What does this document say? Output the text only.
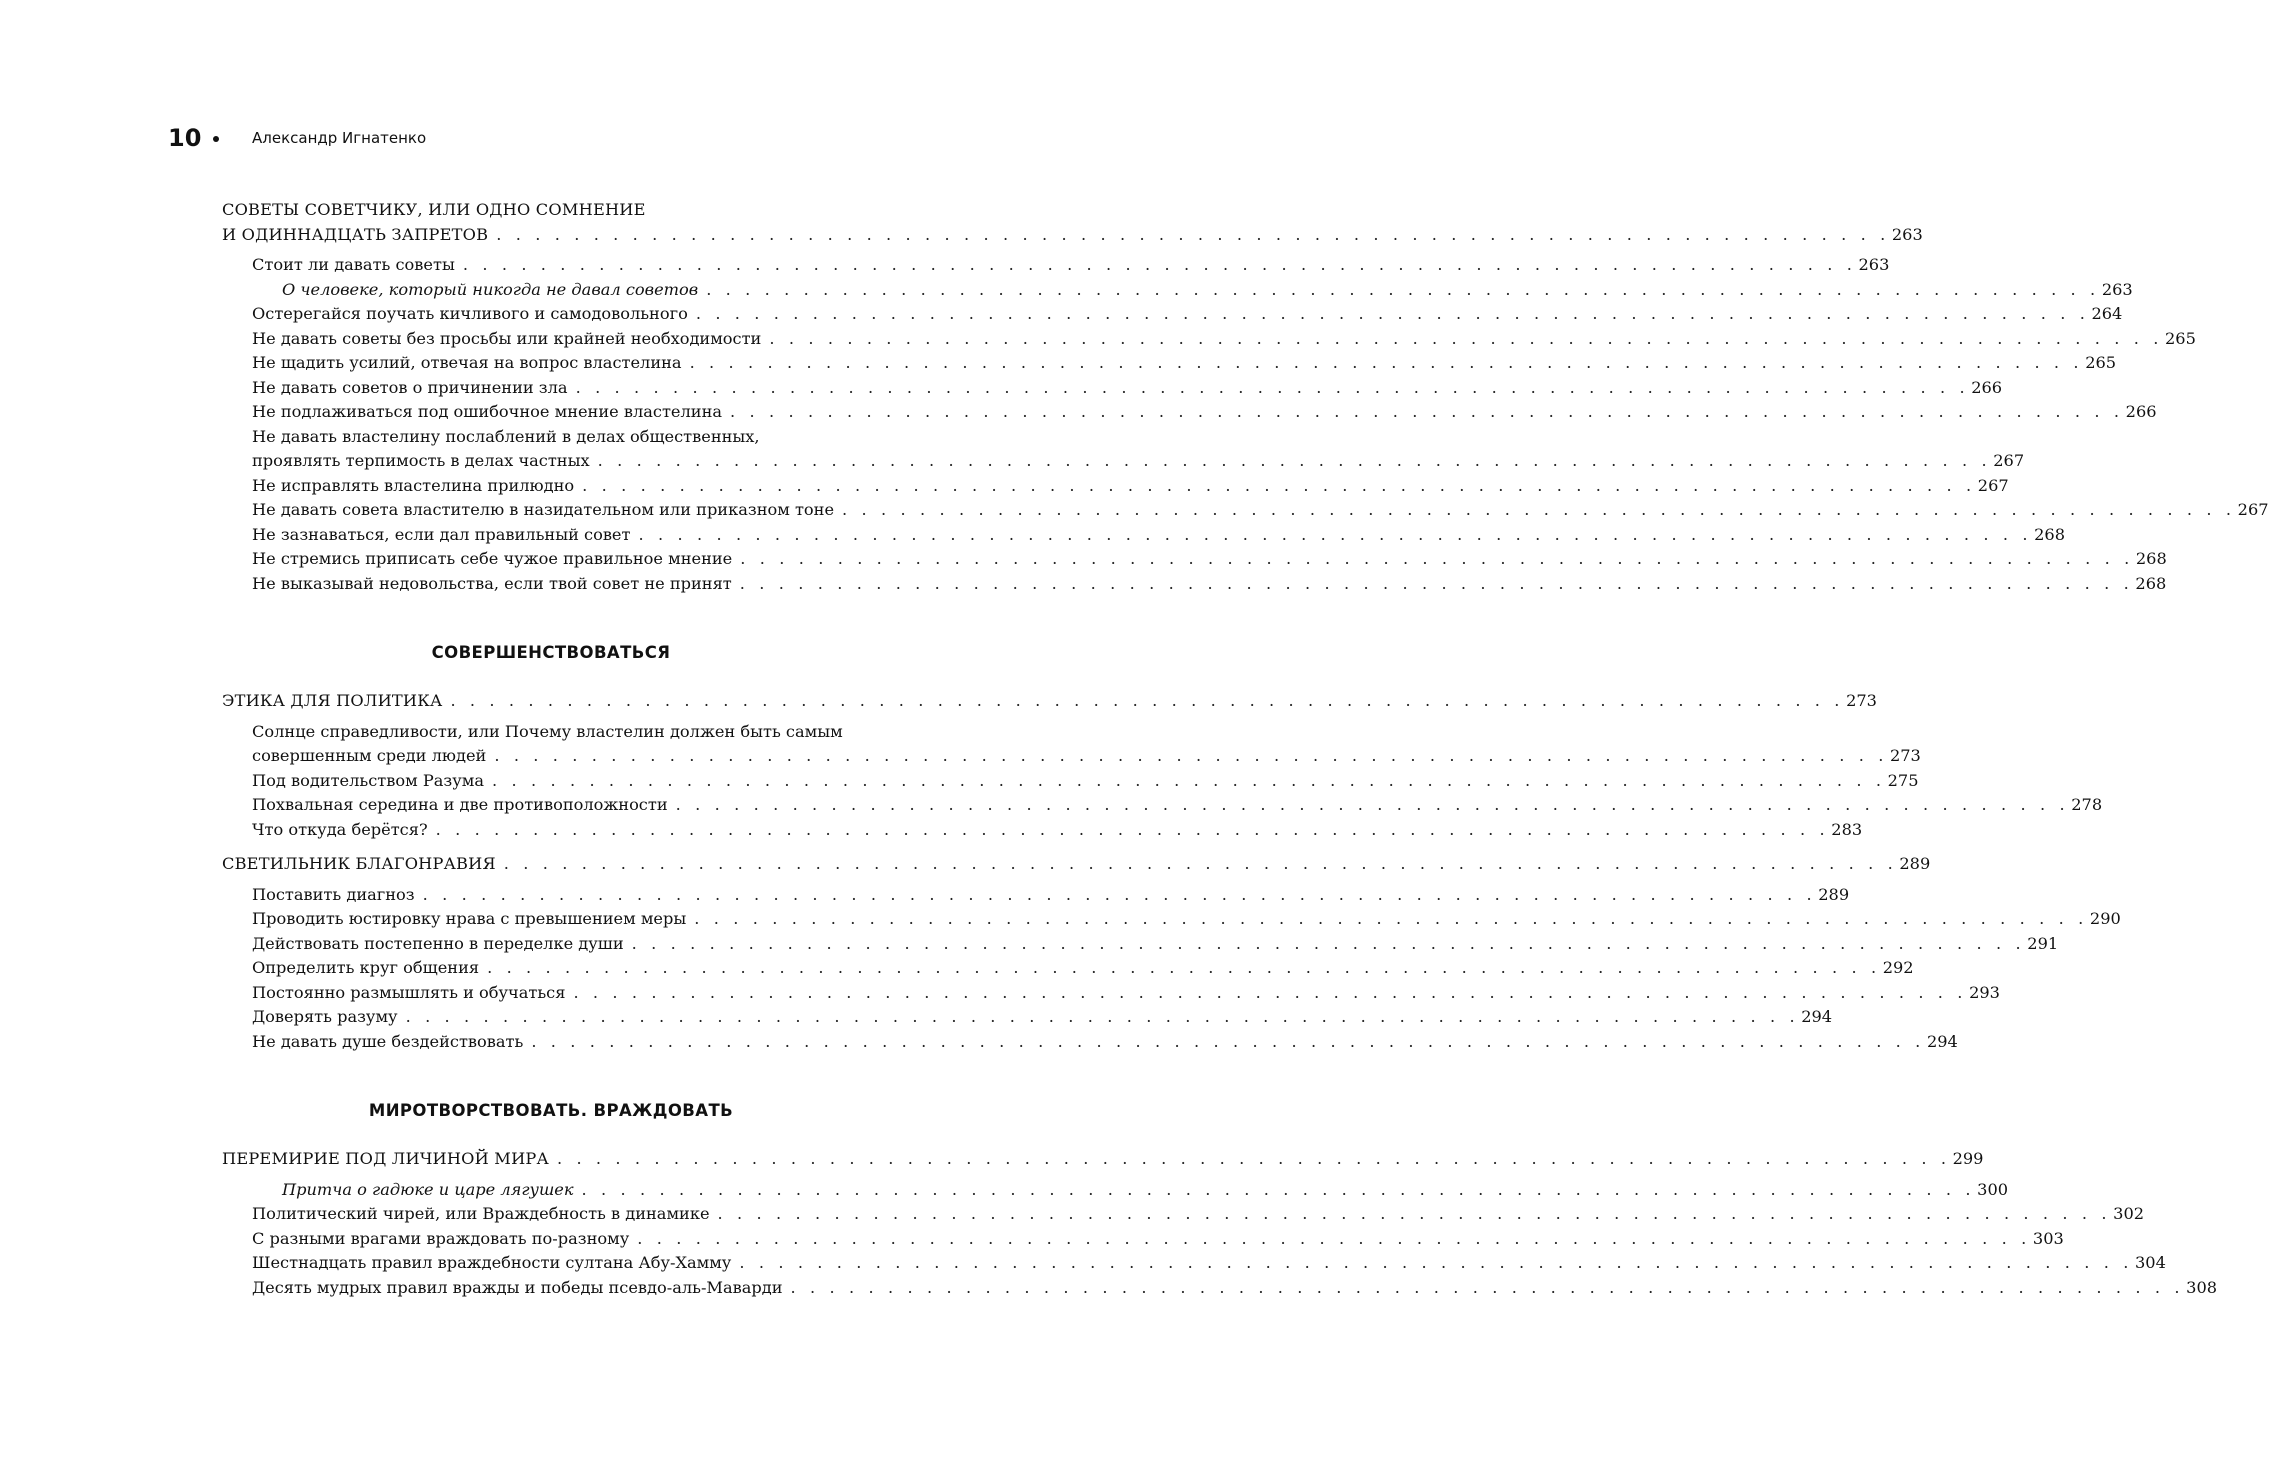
10	Александр Игнатенко
СОВЕТЫ СОВЕТЧИКУ, ИЛИ ОДНО СОМНЕНИЕ
И ОДИННАДЦАТЬ ЗАПРЕТОВ . . . . . . . . . . . . . . . . . . . . . . . . . . . . . . . . . . . . . . . . . . . . . . . . . . . . . . . . . . . . . . . . . . . . . . . . 263
Стоит ли давать советы . . . . . . . . . . . . . . . . . . . . . . . . . . . . . . . . . . . . . . . . . . . . . . . . . . . . . . . . . . . . . . . . . . . . . . . . 263
О человеке, который никогда не давал советов . . . . . . . . . . . . . . . . . . . . . . . . . . . . . . . . . . . . . . . . . . . . . . . . . . . . . . . . . . . . . . . . . . . . . . . . 263
Остерегайся поучать кичливого и самодовольного . . . . . . . . . . . . . . . . . . . . . . . . . . . . . . . . . . . . . . . . . . . . . . . . . . . . . . . . . . . . . . . . . . . . . . . . 264
Не давать советы без просьбы или крайней необходимости . . . . . . . . . . . . . . . . . . . . . . . . . . . . . . . . . . . . . . . . . . . . . . . . . . . . . . . . . . . . . . . . . . . . . . . . 265
Не щадить усилий, отвечая на вопрос властелина . . . . . . . . . . . . . . . . . . . . . . . . . . . . . . . . . . . . . . . . . . . . . . . . . . . . . . . . . . . . . . . . . . . . . . . . 265
Не давать советов о причинении зла . . . . . . . . . . . . . . . . . . . . . . . . . . . . . . . . . . . . . . . . . . . . . . . . . . . . . . . . . . . . . . . . . . . . . . . . 266
Не подлаживаться под ошибочное мнение властелина . . . . . . . . . . . . . . . . . . . . . . . . . . . . . . . . . . . . . . . . . . . . . . . . . . . . . . . . . . . . . . . . . . . . . . . . 266
Не давать властелину послаблений в делах общественных,
проявлять терпимость в делах частных . . . . . . . . . . . . . . . . . . . . . . . . . . . . . . . . . . . . . . . . . . . . . . . . . . . . . . . . . . . . . . . . . . . . . . . . 267
Не исправлять властелина прилюдно . . . . . . . . . . . . . . . . . . . . . . . . . . . . . . . . . . . . . . . . . . . . . . . . . . . . . . . . . . . . . . . . . . . . . . . . 267
Не давать совета властителю в назидательном или приказном тоне . . . . . . . . . . . . . . . . . . . . . . . . . . . . . . . . . . . . . . . . . . . . . . . . . . . . . . . . . . . . . . . . . . . . . . . . 267
Не зазнаваться, если дал правильный совет . . . . . . . . . . . . . . . . . . . . . . . . . . . . . . . . . . . . . . . . . . . . . . . . . . . . . . . . . . . . . . . . . . . . . . . . 268
Не стремись приписать себе чужое правильное мнение . . . . . . . . . . . . . . . . . . . . . . . . . . . . . . . . . . . . . . . . . . . . . . . . . . . . . . . . . . . . . . . . . . . . . . . . 268
Не выказывай недовольства, если твой совет не принят . . . . . . . . . . . . . . . . . . . . . . . . . . . . . . . . . . . . . . . . . . . . . . . . . . . . . . . . . . . . . . . . . . . . . . . . 268
СОВЕРШЕНСТВОВАТЬСЯ
ЭТИКА ДЛЯ ПОЛИТИКА . . . . . . . . . . . . . . . . . . . . . . . . . . . . . . . . . . . . . . . . . . . . . . . . . . . . . . . . . . . . . . . . . . . . . . . . 273
Солнце справедливости, или Почему властелин должен быть самым
совершенным среди людей . . . . . . . . . . . . . . . . . . . . . . . . . . . . . . . . . . . . . . . . . . . . . . . . . . . . . . . . . . . . . . . . . . . . . . . . 273
Под водительством Разума . . . . . . . . . . . . . . . . . . . . . . . . . . . . . . . . . . . . . . . . . . . . . . . . . . . . . . . . . . . . . . . . . . . . . . . . 275
Похвальная середина и две противоположности . . . . . . . . . . . . . . . . . . . . . . . . . . . . . . . . . . . . . . . . . . . . . . . . . . . . . . . . . . . . . . . . . . . . . . . . 278
Что откуда берётся? . . . . . . . . . . . . . . . . . . . . . . . . . . . . . . . . . . . . . . . . . . . . . . . . . . . . . . . . . . . . . . . . . . . . . . . . 283
СВЕТИЛЬНИК БЛАГОНРАВИЯ . . . . . . . . . . . . . . . . . . . . . . . . . . . . . . . . . . . . . . . . . . . . . . . . . . . . . . . . . . . . . . . . . . . . . . . . 289
Поставить диагноз . . . . . . . . . . . . . . . . . . . . . . . . . . . . . . . . . . . . . . . . . . . . . . . . . . . . . . . . . . . . . . . . . . . . . . . . 289
Проводить юстировку нрава с превышением меры . . . . . . . . . . . . . . . . . . . . . . . . . . . . . . . . . . . . . . . . . . . . . . . . . . . . . . . . . . . . . . . . . . . . . . . . 290
Действовать постепенно в переделке души . . . . . . . . . . . . . . . . . . . . . . . . . . . . . . . . . . . . . . . . . . . . . . . . . . . . . . . . . . . . . . . . . . . . . . . . 291
Определить круг общения . . . . . . . . . . . . . . . . . . . . . . . . . . . . . . . . . . . . . . . . . . . . . . . . . . . . . . . . . . . . . . . . . . . . . . . . 292
Постоянно размышлять и обучаться . . . . . . . . . . . . . . . . . . . . . . . . . . . . . . . . . . . . . . . . . . . . . . . . . . . . . . . . . . . . . . . . . . . . . . . . 293
Доверять разуму . . . . . . . . . . . . . . . . . . . . . . . . . . . . . . . . . . . . . . . . . . . . . . . . . . . . . . . . . . . . . . . . . . . . . . . . 294
Не давать душе бездействовать . . . . . . . . . . . . . . . . . . . . . . . . . . . . . . . . . . . . . . . . . . . . . . . . . . . . . . . . . . . . . . . . . . . . . . . . 294
МИРОТВОРСТВОВАТЬ. ВРАЖДОВАТЬ
ПЕРЕМИРИЕ ПОД ЛИЧИНОЙ МИРА . . . . . . . . . . . . . . . . . . . . . . . . . . . . . . . . . . . . . . . . . . . . . . . . . . . . . . . . . . . . . . . . . . . . . . . . 299
Притча о гадюке и царе лягушек . . . . . . . . . . . . . . . . . . . . . . . . . . . . . . . . . . . . . . . . . . . . . . . . . . . . . . . . . . . . . . . . . . . . . . . . 300
Политический чирей, или Враждебность в динамике . . . . . . . . . . . . . . . . . . . . . . . . . . . . . . . . . . . . . . . . . . . . . . . . . . . . . . . . . . . . . . . . . . . . . . . . 302
С разными врагами враждовать по-разному . . . . . . . . . . . . . . . . . . . . . . . . . . . . . . . . . . . . . . . . . . . . . . . . . . . . . . . . . . . . . . . . . . . . . . . . 303
Шестнадцать правил враждебности султана Абу-Хамму . . . . . . . . . . . . . . . . . . . . . . . . . . . . . . . . . . . . . . . . . . . . . . . . . . . . . . . . . . . . . . . . . . . . . . . . 304
Десять мудрых правил вражды и победы псевдо-аль-Маварди . . . . . . . . . . . . . . . . . . . . . . . . . . . . . . . . . . . . . . . . . . . . . . . . . . . . . . . . . . . . . . . . . . . . . . . . 308
